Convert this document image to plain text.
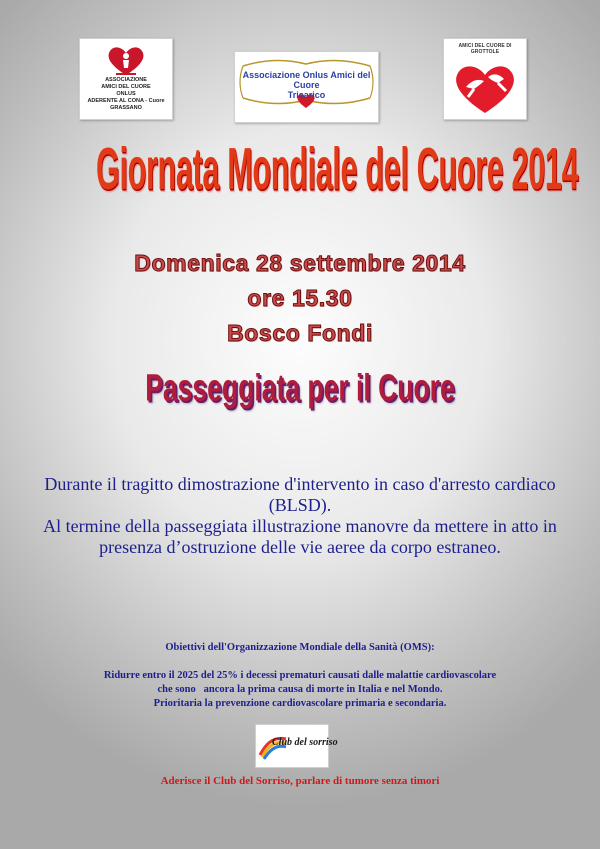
ASSOCIAZIONE
AMICI DEL CUORE
ONLUS
ADERENTE AL CONA - Cuore
GRASSANO
Associazione Onlus Amici del Cuore
Tricarico
AMICI DEL CUORE DI GROTTOLE
Giornata Mondiale del Cuore 2014
Domenica 28 settembre 2014
ore 15.30
Bosco Fondi
Passeggiata per il Cuore
Durante il tragitto dimostrazione d'intervento in caso d'arresto cardiaco (BLSD).
Al termine della passeggiata illustrazione manovre da mettere in atto in presenza d’ostruzione delle vie aeree da corpo estraneo.
Obiettivi dell'Organizzazione Mondiale della Sanità (OMS):
Ridurre entro il 2025 del 25% i decessi prematuri causati dalle malattie cardiovascolare
che sono   ancora la prima causa di morte in Italia e nel Mondo.
Prioritaria la prevenzione cardiovascolare primaria e secondaria.
Club del sorriso
Aderisce il Club del Sorriso, parlare di tumore senza timori
